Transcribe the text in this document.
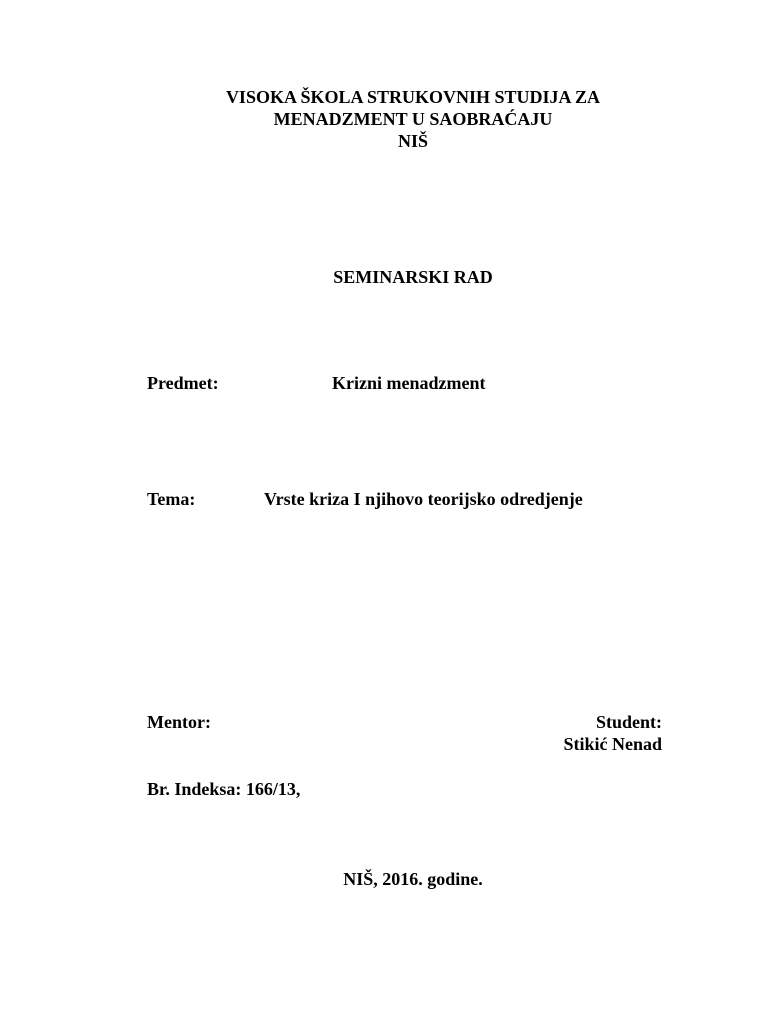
VISOKA ŠKOLA STRUKOVNIH STUDIJA ZA
MENADZMENT U SAOBRAĆAJU
NIŠ
SEMINARSKI RAD
Predmet:	Krizni menadzment
Tema:	Vrste kriza I njihovo teorijsko odredjenje
Mentor:	Student:
Stikić Nenad
Br. Indeksa: 166/13,
NIŠ, 2016. godine.
